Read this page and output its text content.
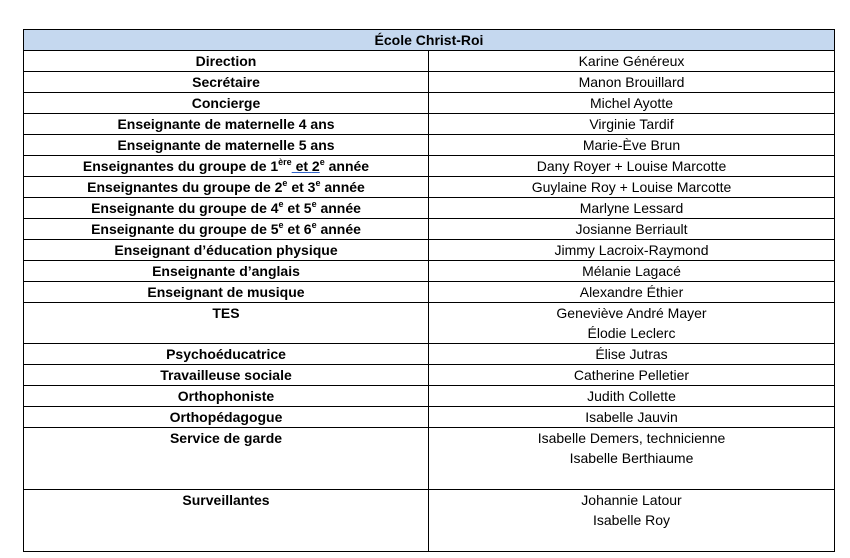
École Christ-Roi	
Direction	Karine Généreux
Secrétaire	Manon Brouillard
Concierge	Michel Ayotte
Enseignante de maternelle 4 ans	Virginie Tardif
Enseignante de maternelle 5 ans	Marie-Ève Brun
Enseignantes du groupe de 1ère et 2e année	Dany Royer + Louise Marcotte
Enseignantes du groupe de 2e et 3e année	Guylaine Roy + Louise Marcotte
Enseignante du groupe de 4e et 5e année	Marlyne Lessard
Enseignante du groupe de 5e et 6e année	Josianne Berriault
Enseignant d’éducation physique	Jimmy Lacroix-Raymond
Enseignante d’anglais	Mélanie Lagacé
Enseignant de musique	Alexandre Éthier
TES	Geneviève André Mayer
Élodie Leclerc

Psychoéducatrice	Élise Jutras
Travailleuse sociale	Catherine Pelletier
Orthophoniste	Judith Collette
Orthopédagogue	Isabelle Jauvin
Service de garde	Isabelle Demers, technicienne
Isabelle Berthiaume

Surveillantes	Johannie Latour
Isabelle Roy
